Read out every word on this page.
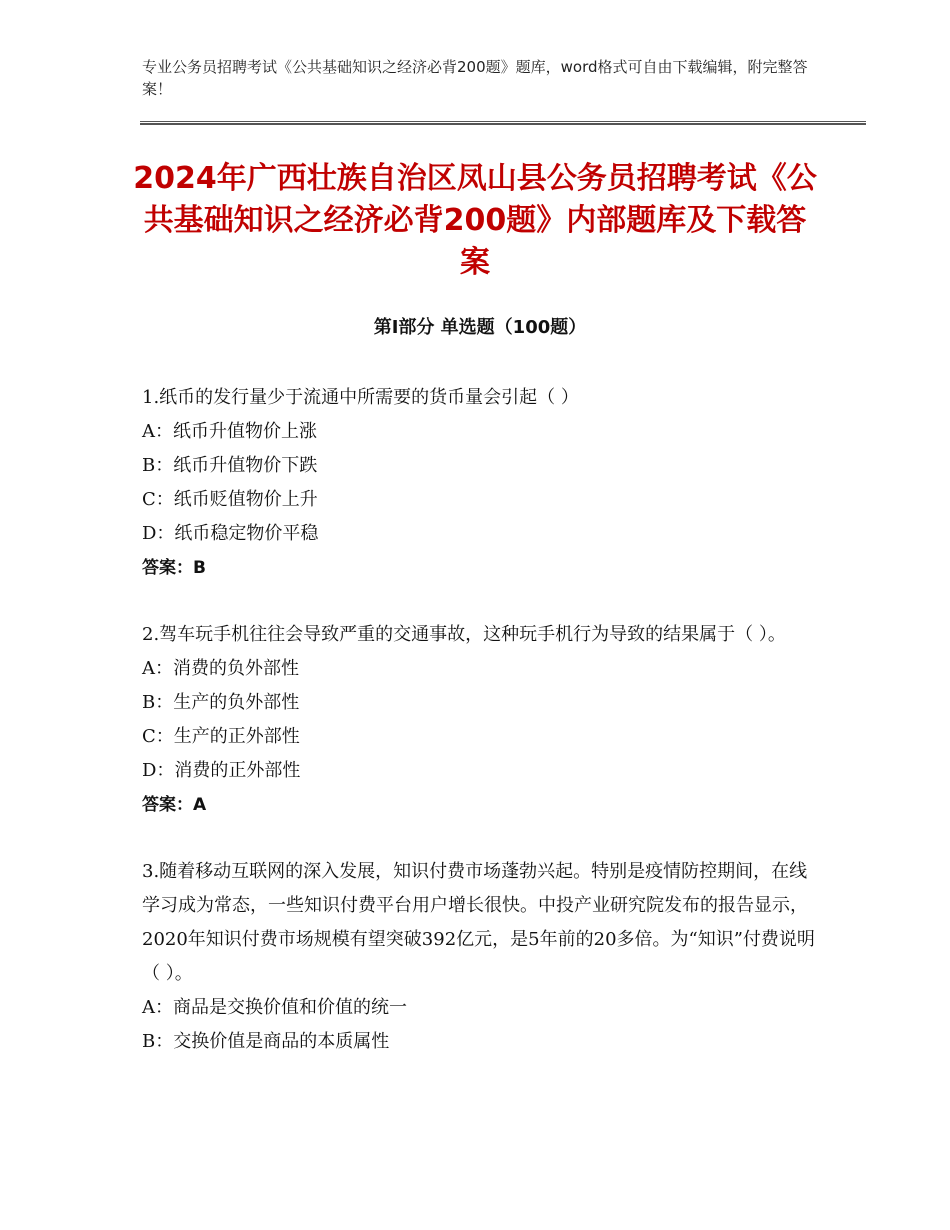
专业公务员招聘考试《公共基础知识之经济必背200题》题库，word格式可自由下载编辑，附完整答案！
2024年广西壮族自治区凤山县公务员招聘考试《公共基础知识之经济必背200题》内部题库及下载答案
第I部分 单选题（100题）

1.纸币的发行量少于流通中所需要的货币量会引起（ ）

A：纸币升值物价上涨

B：纸币升值物价下跌

C：纸币贬值物价上升

D：纸币稳定物价平稳

答案：B

2.驾车玩手机往往会导致严重的交通事故，这种玩手机行为导致的结果属于（ ）。

A：消费的负外部性

B：生产的负外部性

C：生产的正外部性

D：消费的正外部性

答案：A

3.随着移动互联网的深入发展，知识付费市场蓬勃兴起。特别是疫情防控期间，在线学习成为常态，一些知识付费平台用户增长很快。中投产业研究院发布的报告显示，2020年知识付费市场规模有望突破392亿元，是5年前的20多倍。为“知识”付费说明（ ）。

A：商品是交换价值和价值的统一

B：交换价值是商品的本质属性
